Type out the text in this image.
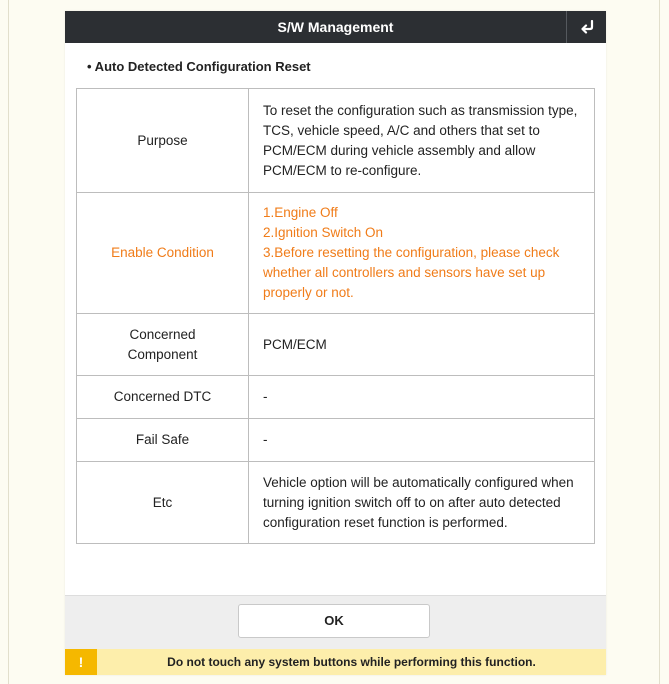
S/W Management
• Auto Detected Configuration Reset
Purpose	To reset the configuration such as transmission type,
TCS, vehicle speed, A/C and others that set to
PCM/ECM during vehicle assembly and allow
PCM/ECM to re-configure.

Enable Condition	1.Engine Off
2.Ignition Switch On
3.Before resetting the configuration, please check
whether all controllers and sensors have set up
properly or not.

Concerned
Component	PCM/ECM

Concerned DTC	-

Fail Safe	-

Etc	Vehicle option will be automatically configured when
turning ignition switch off to on after auto detected
configuration reset function is performed.
OK
!	Do not touch any system buttons while performing this function.
